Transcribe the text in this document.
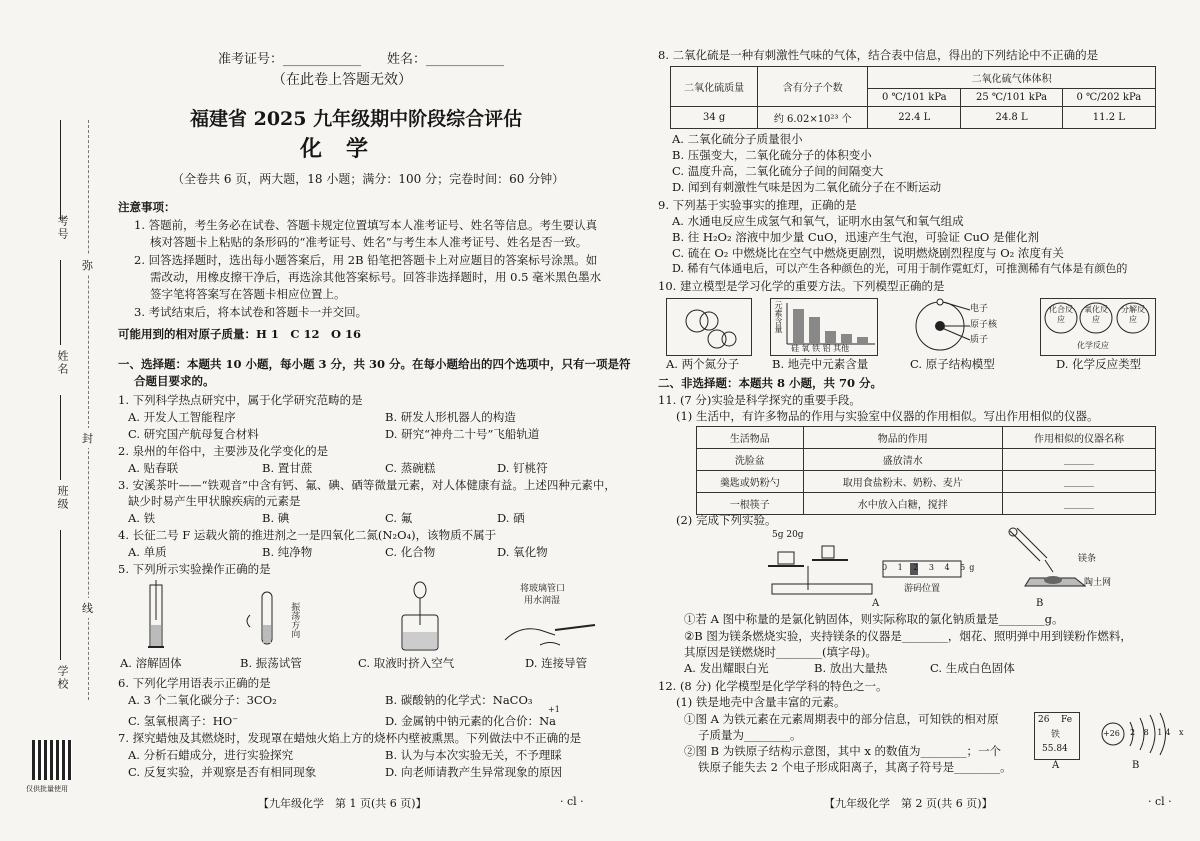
考号
姓名
班级
学校
弥
封
线
仅供批量使用
准考证号：____________　　姓名：____________
（在此卷上答题无效）
福建省 2025 九年级期中阶段综合评估
化学
（全卷共 6 页，两大题，18 小题；满分：100 分；完卷时间：60 分钟）
注意事项：
1. 答题前，考生务必在试卷、答题卡规定位置填写本人准考证号、姓名等信息。考生要认真
核对答题卡上粘贴的条形码的“准考证号、姓名”与考生本人准考证号、姓名是否一致。
2. 回答选择题时，选出每小题答案后，用 2B 铅笔把答题卡上对应题目的答案标号涂黑。如
需改动，用橡皮擦干净后，再选涂其他答案标号。回答非选择题时，用 0.5 毫米黑色墨水
签字笔将答案写在答题卡相应位置上。
3. 考试结束后，将本试卷和答题卡一并交回。
可能用到的相对原子质量：H 1　C 12　O 16
一、选择题：本题共 10 小题，每小题 3 分，共 30 分。在每小题给出的四个选项中，只有一项是符
合题目要求的。
1. 下列科学热点研究中，属于化学研究范畴的是
A. 开发人工智能程序	B. 研发人形机器人的构造
C. 研究国产航母复合材料	D. 研究“神舟二十号”飞船轨道
2. 泉州的年俗中，主要涉及化学变化的是
A. 贴春联	B. 置甘蔗	C. 蒸碗糕	D. 钉桃符
3. 安溪茶叶——“铁观音”中含有钙、氟、碘、硒等微量元素，对人体健康有益。上述四种元素中，
缺少时易产生甲状腺疾病的元素是
A. 铁	B. 碘	C. 氟	D. 硒
4. 长征二号 F 运载火箭的推进剂之一是四氧化二氮(N₂O₄)，该物质不属于
A. 单质	B. 纯净物	C. 化合物	D. 氧化物
5. 下列所示实验操作正确的是
振荡方向
将玻璃管口
用水润湿
A. 溶解固体	B. 振荡试管	C. 取液时挤入空气	D. 连接导管
6. 下列化学用语表示正确的是
A. 3 个二氧化碳分子：3CO₂	B. 碳酸钠的化学式：NaCO₃
C. 氢氧根离子：HO⁻	D. 金属钠中钠元素的化合价：Na
+1
7. 探究蜡烛及其燃烧时，发现罩在蜡烛火焰上方的烧杯内壁被熏黑。下列做法中不正确的是
A. 分析石蜡成分，进行实验探究	B. 认为与本次实验无关，不予理睬
C. 反复实验，并观察是否有相同现象	D. 向老师请教产生异常现象的原因
【九年级化学　第 1 页(共 6 页)】	· cl ·
8. 二氧化硫是一种有刺激性气味的气体，结合表中信息，得出的下列结论中不正确的是
二氧化硫质量	含有分子个数	二氧化硫气体体积		
		0 ℃/101 kPa	25 ℃/101 kPa	0 ℃/202 kPa
34 g	约 6.02×10²³ 个	22.4 L	24.8 L	11.2 L
A. 二氧化硫分子质量很小
B. 压强变大，二氧化硫分子的体积变小
C. 温度升高，二氧化硫分子间的间隔变大
D. 闻到有刺激性气味是因为二氧化硫分子在不断运动
9. 下列基于实验事实的推理，正确的是
A. 水通电反应生成氢气和氧气，证明水由氢气和氧气组成
B. 往 H₂O₂ 溶液中加少量 CuO，迅速产生气泡，可验证 CuO 是催化剂
C. 硫在 O₂ 中燃烧比在空气中燃烧更剧烈，说明燃烧剧烈程度与 O₂ 浓度有关
D. 稀有气体通电后，可以产生各种颜色的光，可用于制作霓虹灯，可推测稀有气体是有颜色的
10. 建立模型是学习化学的重要方法。下列模型正确的是
元素含量
硅 氧 铁 铝 其他
电子
原子核
质子
化合反应
氧化反应
分解反应
化学反应
A. 两个氮分子	B. 地壳中元素含量	C. 原子结构模型	D. 化学反应类型
二、非选择题：本题共 8 小题，共 70 分。
11. (7 分)实验是科学探究的重要手段。
(1) 生活中，有许多物品的作用与实验室中仪器的作用相似。写出作用相似的仪器。
生活物品	物品的作用	作用相似的仪器名称
洗脸盆	盛放清水	______
羹匙或奶粉勺	取用食盐粉末、奶粉、麦片	______
一根筷子	水中放入白糖，搅拌	______
(2) 完成下列实验。
5g 20g
0 1 2 3 4 5g
游码位置
A
镁条
陶土网
B
①若 A 图中称量的是氯化钠固体，则实际称取的氯化钠质量是________g。
②B 图为镁条燃烧实验，夹持镁条的仪器是________，烟花、照明弹中用到镁粉作燃料，
其原因是镁燃烧时________(填字母)。
A. 发出耀眼白光	B. 放出大量热	C. 生成白色固体
12. (8 分) 化学模型是化学学科的特色之一。
(1) 铁是地壳中含量丰富的元素。
①图 A 为铁元素在元素周期表中的部分信息，可知铁的相对原
子质量为________。
②图 B 为铁原子结构示意图，其中 x 的数值为________；一个
铁原子能失去 2 个电子形成阳离子，其离子符号是________。
26 Fe
铁
55.84
A
+26 2 8 14 x
B
【九年级化学　第 2 页(共 6 页)】	· cl ·
